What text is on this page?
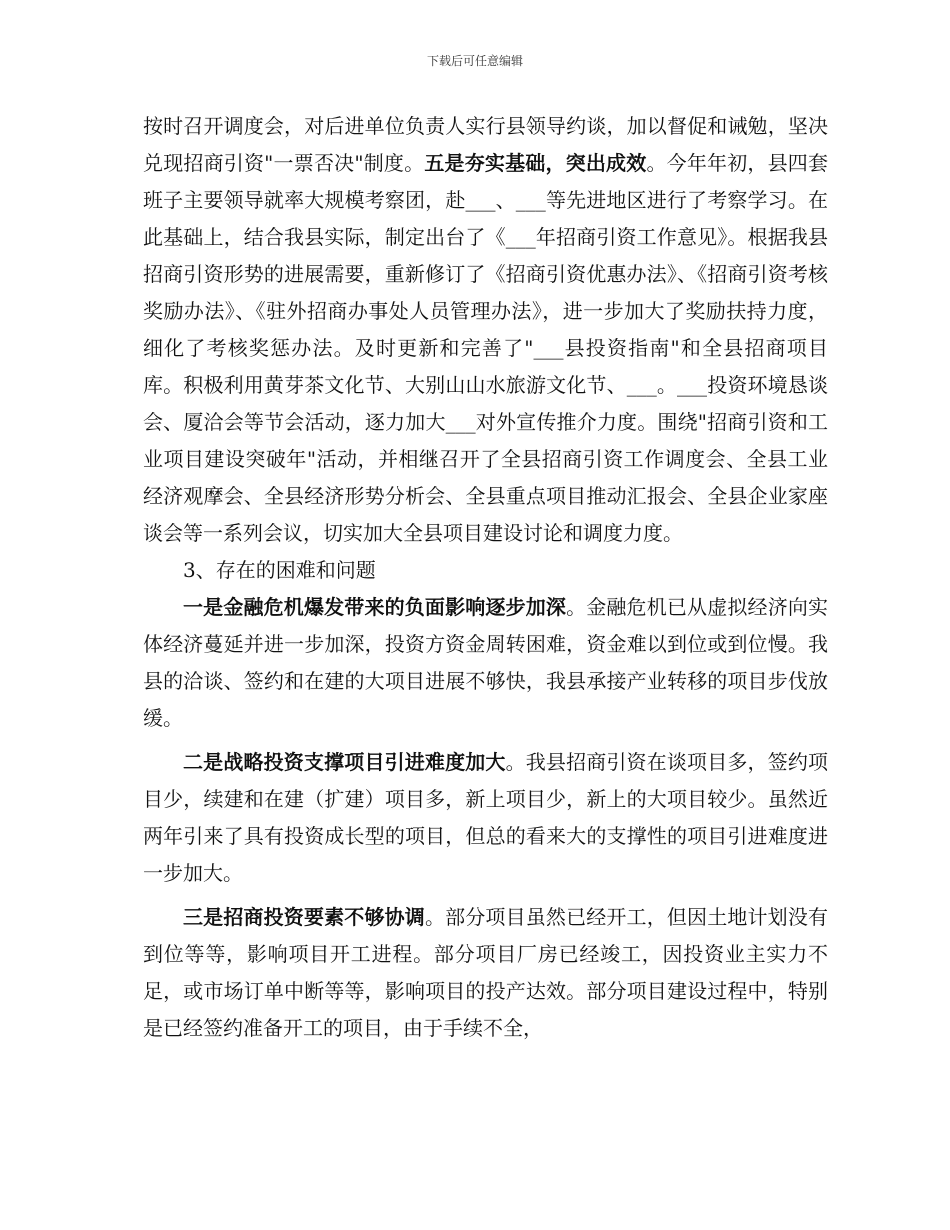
下载后可任意编辑

按时召开调度会，对后进单位负责人实行县领导约谈，加以督促和诫勉，坚决兑现招商引资"一票否决"制度。五是夯实基础，突出成效。今年年初，县四套班子主要领导就率大规模考察团，赴___、___等先进地区进行了考察学习。在此基础上，结合我县实际，制定出台了《___年招商引资工作意见》。根据我县招商引资形势的进展需要，重新修订了《招商引资优惠办法》、《招商引资考核奖励办法》、《驻外招商办事处人员管理办法》，进一步加大了奖励扶持力度，细化了考核奖惩办法。及时更新和完善了"___县投资指南"和全县招商项目库。积极利用黄芽茶文化节、大别山山水旅游文化节、___。___投资环境恳谈会、厦洽会等节会活动，逐力加大___对外宣传推介力度。围绕"招商引资和工业项目建设突破年"活动，并相继召开了全县招商引资工作调度会、全县工业经济观摩会、全县经济形势分析会、全县重点项目推动汇报会、全县企业家座谈会等一系列会议，切实加大全县项目建设讨论和调度力度。

3、存在的困难和问题

一是金融危机爆发带来的负面影响逐步加深。金融危机已从虚拟经济向实体经济蔓延并进一步加深，投资方资金周转困难，资金难以到位或到位慢。我县的洽谈、签约和在建的大项目进展不够快，我县承接产业转移的项目步伐放缓。

二是战略投资支撑项目引进难度加大。我县招商引资在谈项目多，签约项目少，续建和在建（扩建）项目多，新上项目少，新上的大项目较少。虽然近两年引来了具有投资成长型的项目，但总的看来大的支撑性的项目引进难度进一步加大。

三是招商投资要素不够协调。部分项目虽然已经开工，但因土地计划没有到位等等，影响项目开工进程。部分项目厂房已经竣工，因投资业主实力不足，或市场订单中断等等，影响项目的投产达效。部分项目建设过程中，特别是已经签约准备开工的项目，由于手续不全，
